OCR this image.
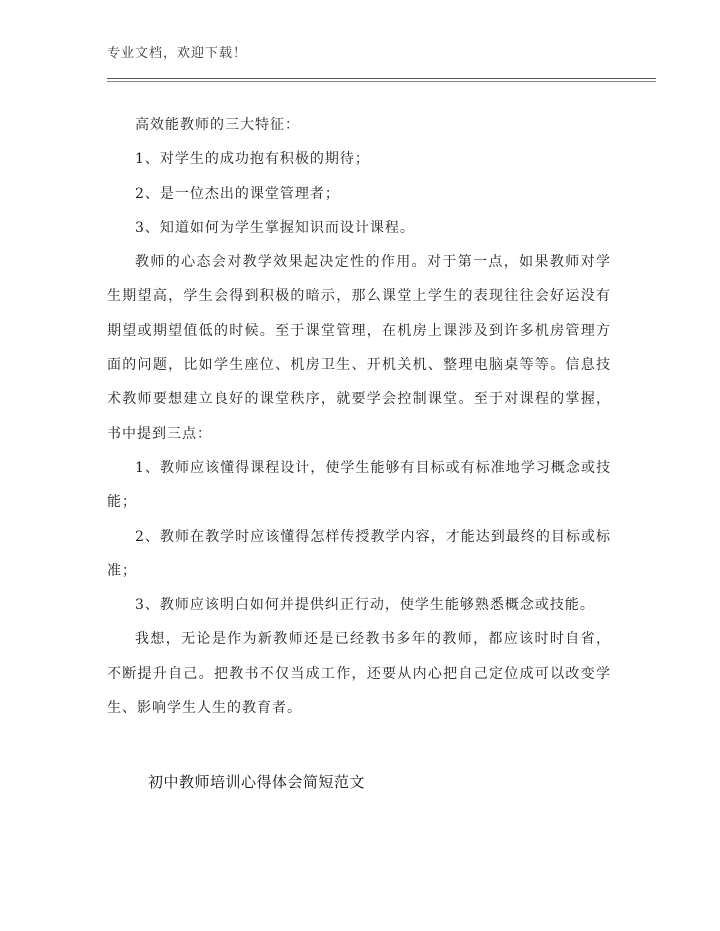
专业文档，欢迎下载！

高效能教师的三大特征：

1、对学生的成功抱有积极的期待；

2、是一位杰出的课堂管理者；

3、知道如何为学生掌握知识而设计课程。

教师的心态会对教学效果起决定性的作用。对于第一点，如果教师对学生期望高，学生会得到积极的暗示，那么课堂上学生的表现往往会好运没有期望或期望值低的时候。至于课堂管理，在机房上课涉及到许多机房管理方面的问题，比如学生座位、机房卫生、开机关机、整理电脑桌等等。信息技术教师要想建立良好的课堂秩序，就要学会控制课堂。至于对课程的掌握，书中提到三点：

1、教师应该懂得课程设计，使学生能够有目标或有标准地学习概念或技能；

2、教师在教学时应该懂得怎样传授教学内容，才能达到最终的目标或标准；

3、教师应该明白如何并提供纠正行动，使学生能够熟悉概念或技能。

我想，无论是作为新教师还是已经教书多年的教师，都应该时时自省，不断提升自己。把教书不仅当成工作，还要从内心把自己定位成可以改变学生、影响学生人生的教育者。

初中教师培训心得体会简短范文
